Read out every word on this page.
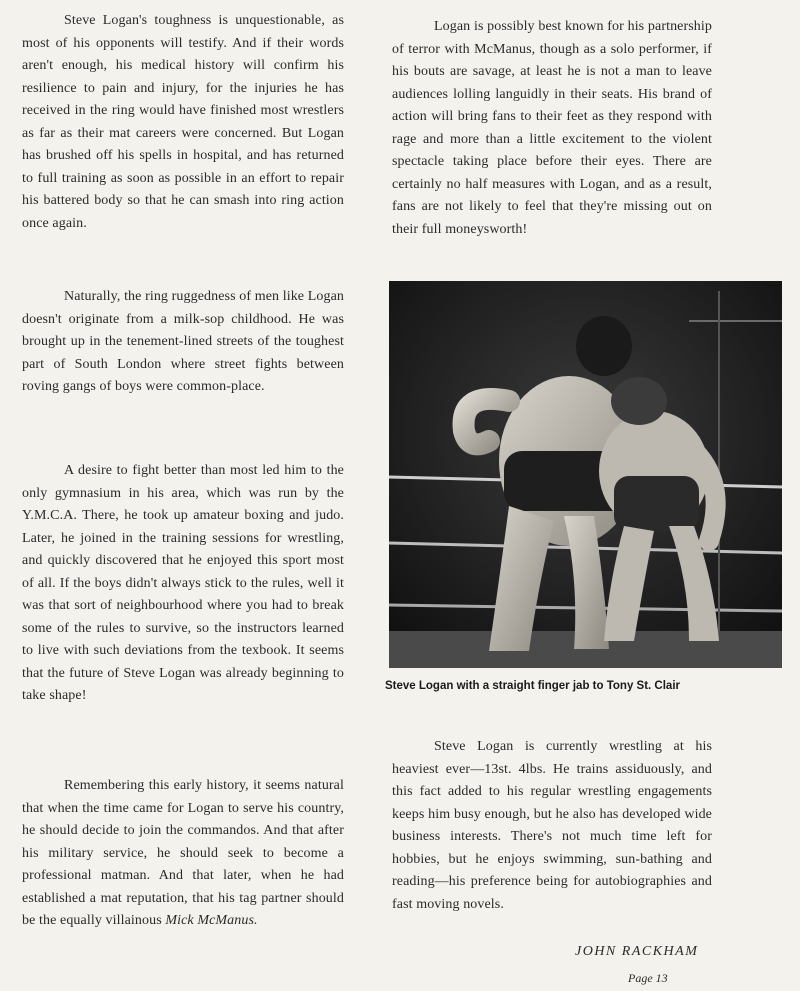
Steve Logan's toughness is unquestionable, as most of his opponents will testify. And if their words aren't enough, his medical history will confirm his resilience to pain and injury, for the injuries he has received in the ring would have finished most wrestlers as far as their mat careers were concerned. But Logan has brushed off his spells in hospital, and has returned to full training as soon as possible in an effort to repair his battered body so that he can smash into ring action once again.

Naturally, the ring ruggedness of men like Logan doesn't originate from a milk-sop childhood. He was brought up in the tenement-lined streets of the toughest part of South London where street fights between roving gangs of boys were common-place.

A desire to fight better than most led him to the only gymnasium in his area, which was run by the Y.M.C.A. There, he took up amateur boxing and judo. Later, he joined in the training sessions for wrestling, and quickly discovered that he enjoyed this sport most of all. If the boys didn't always stick to the rules, well it was that sort of neighbourhood where you had to break some of the rules to survive, so the instructors learned to live with such deviations from the texbook. It seems that the future of Steve Logan was already beginning to take shape!

Remembering this early history, it seems natural that when the time came for Logan to serve his country, he should decide to join the commandos. And that after his military service, he should seek to become a professional matman. And that later, when he had established a mat reputation, that his tag partner should be the equally villainous Mick McManus.

Logan is possibly best known for his partnership of terror with McManus, though as a solo performer, if his bouts are savage, at least he is not a man to leave audiences lolling languidly in their seats. His brand of action will bring fans to their feet as they respond with rage and more than a little excitement to the violent spectacle taking place before their eyes. There are certainly no half measures with Logan, and as a result, fans are not likely to feel that they're missing out on their full moneysworth!

Steve Logan with a straight finger jab to Tony St. Clair

Steve Logan is currently wrestling at his heaviest ever—13st. 4lbs. He trains assiduously, and this fact added to his regular wrestling engagements keeps him busy enough, but he also has developed wide business interests. There's not much time left for hobbies, but he enjoys swimming, sun-bathing and reading—his preference being for autobiographies and fast moving novels.

JOHN RACKHAM

Page 13
